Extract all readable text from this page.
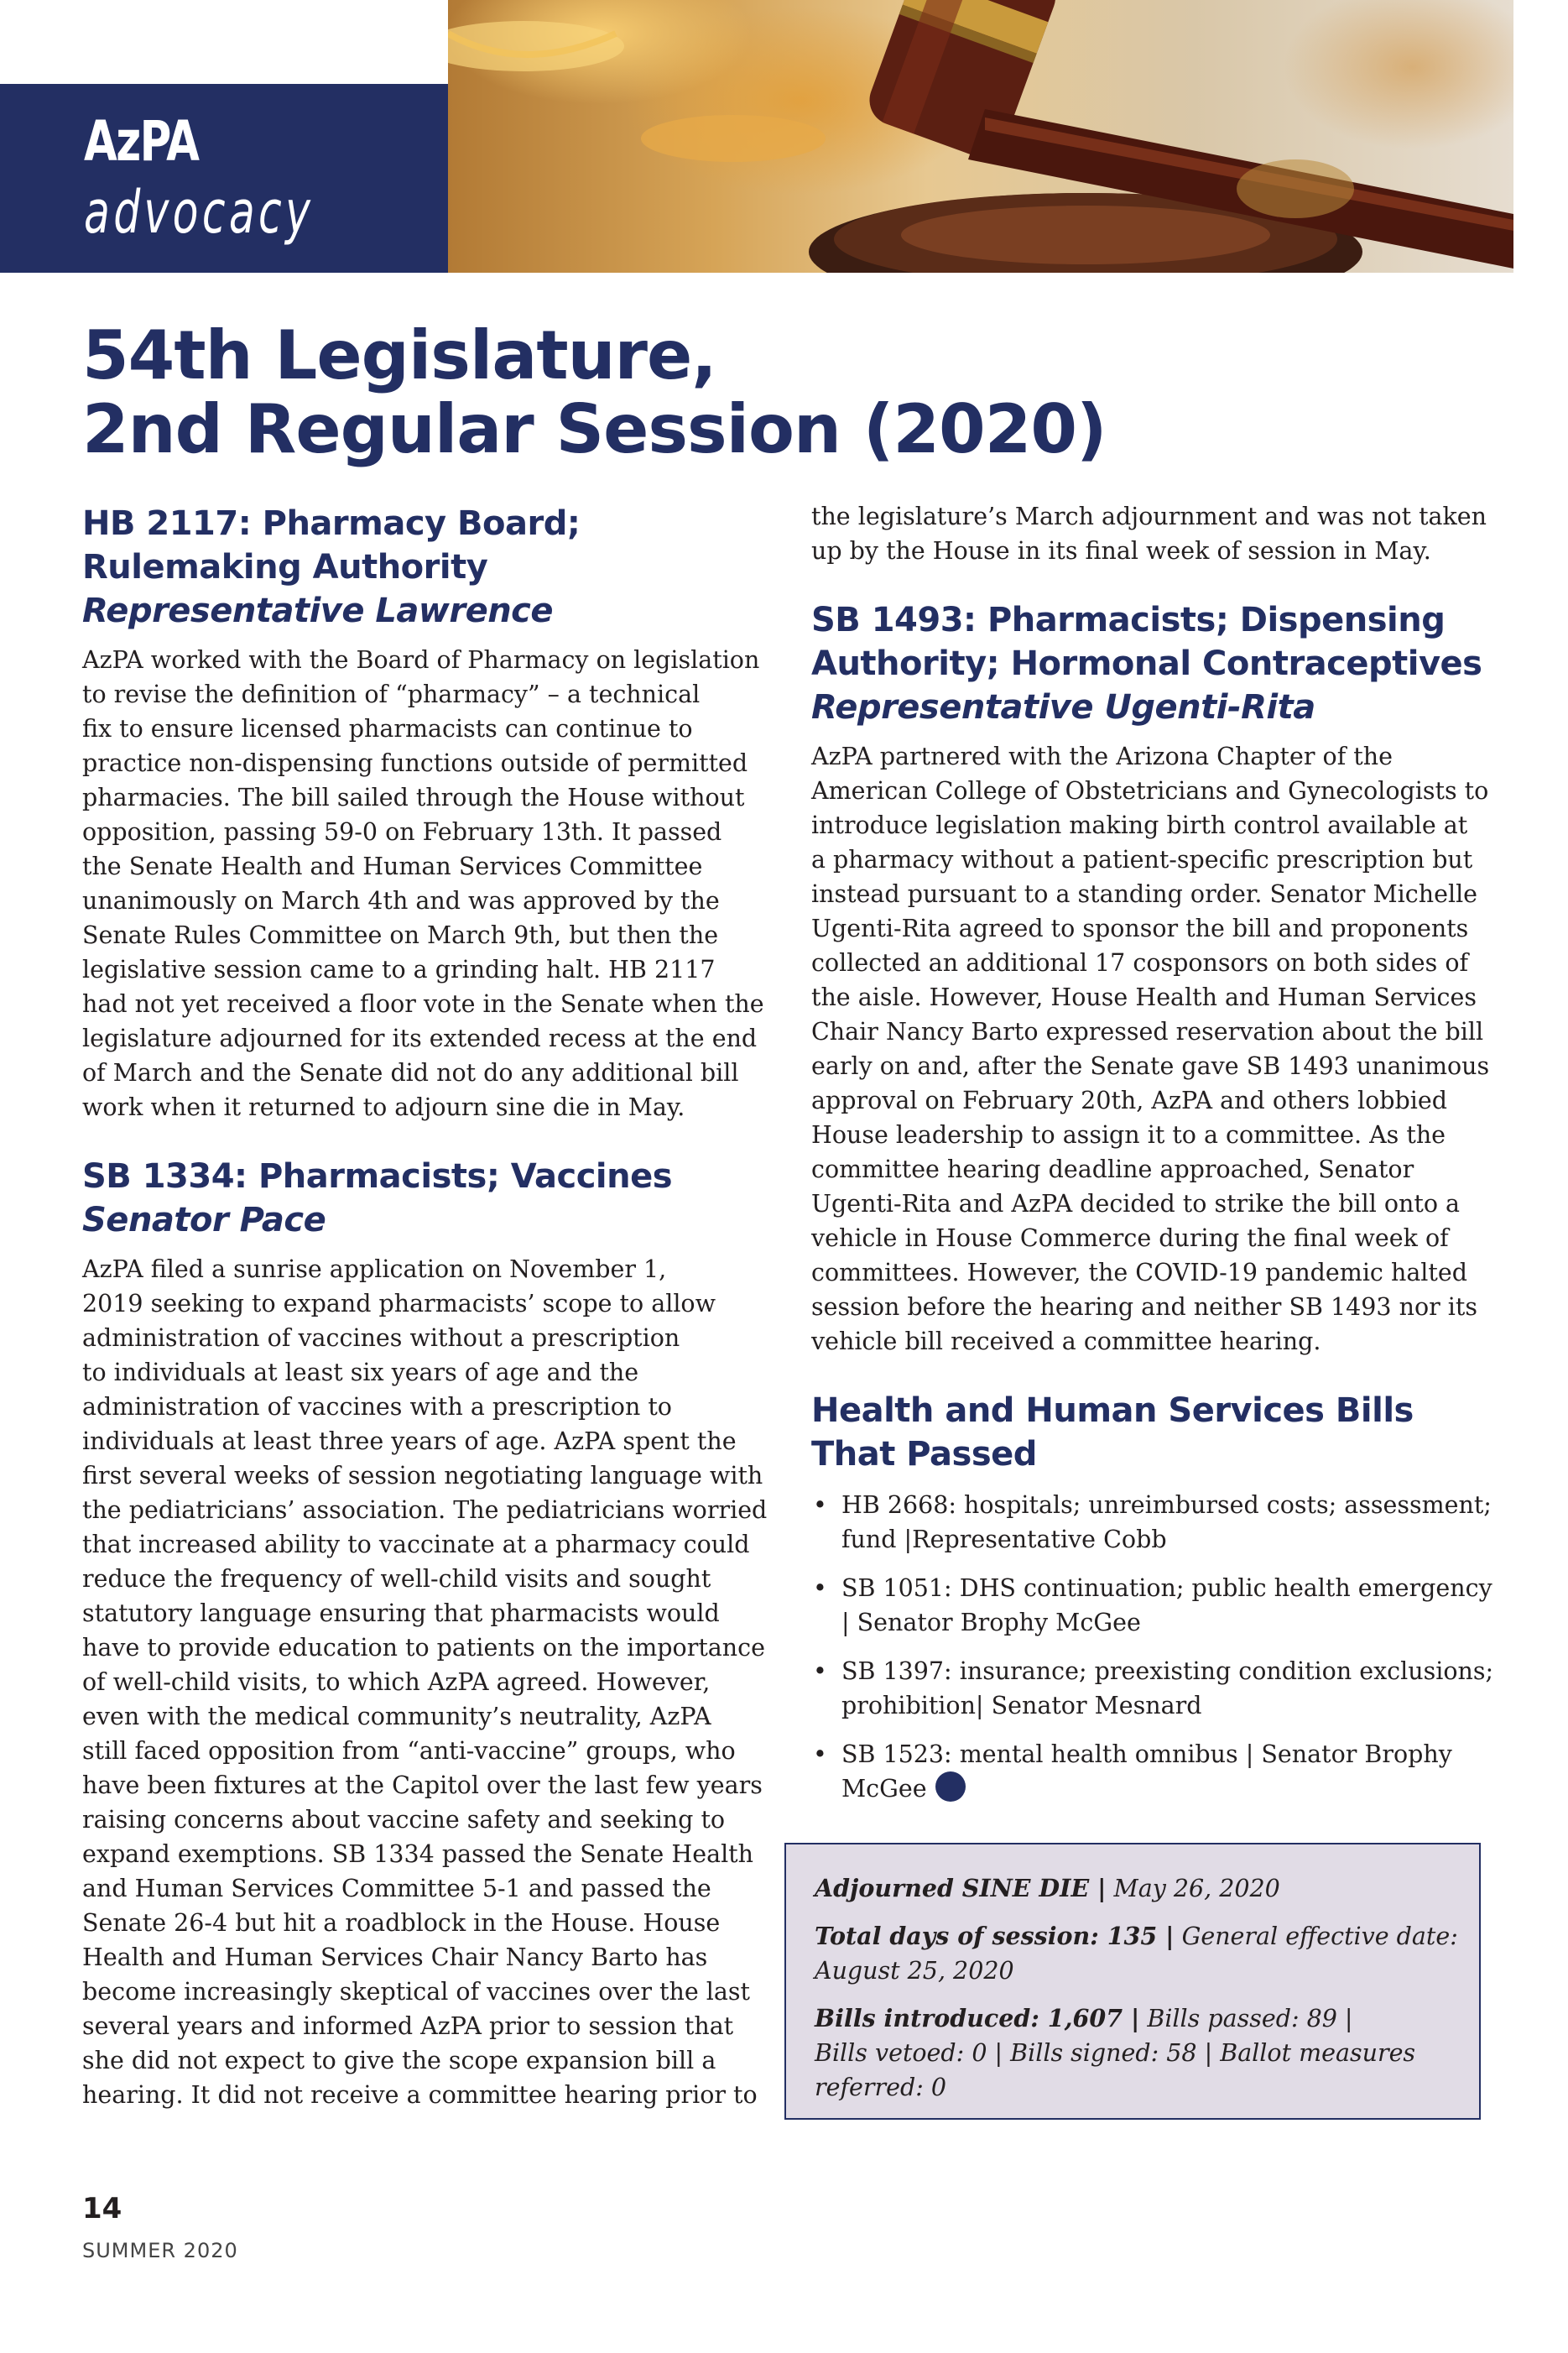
AzPA
advocacy
54th Legislature,
2nd Regular Session (2020)
HB 2117: Pharmacy Board;
Rulemaking Authority
Representative Lawrence

AzPA worked with the Board of Pharmacy on legislation
to revise the definition of “pharmacy” – a technical
fix to ensure licensed pharmacists can continue to
practice non-dispensing functions outside of permitted
pharmacies. The bill sailed through the House without
opposition, passing 59-0 on February 13th. It passed
the Senate Health and Human Services Committee
unanimously on March 4th and was approved by the
Senate Rules Committee on March 9th, but then the
legislative session came to a grinding halt. HB 2117
had not yet received a floor vote in the Senate when the
legislature adjourned for its extended recess at the end
of March and the Senate did not do any additional bill
work when it returned to adjourn sine die in May.

SB 1334: Pharmacists; Vaccines
Senator Pace

AzPA filed a sunrise application on November 1,
2019 seeking to expand pharmacists’ scope to allow
administration of vaccines without a prescription
to individuals at least six years of age and the
administration of vaccines with a prescription to
individuals at least three years of age. AzPA spent the
first several weeks of session negotiating language with
the pediatricians’ association. The pediatricians worried
that increased ability to vaccinate at a pharmacy could
reduce the frequency of well-child visits and sought
statutory language ensuring that pharmacists would
have to provide education to patients on the importance
of well-child visits, to which AzPA agreed. However,
even with the medical community’s neutrality, AzPA
still faced opposition from “anti-vaccine” groups, who
have been fixtures at the Capitol over the last few years
raising concerns about vaccine safety and seeking to
expand exemptions. SB 1334 passed the Senate Health
and Human Services Committee 5-1 and passed the
Senate 26-4 but hit a roadblock in the House. House
Health and Human Services Chair Nancy Barto has
become increasingly skeptical of vaccines over the last
several years and informed AzPA prior to session that
she did not expect to give the scope expansion bill a
hearing. It did not receive a committee hearing prior to

the legislature’s March adjournment and was not taken
up by the House in its final week of session in May.

SB 1493: Pharmacists; Dispensing
Authority; Hormonal Contraceptives
Representative Ugenti-Rita

AzPA partnered with the Arizona Chapter of the
American College of Obstetricians and Gynecologists to
introduce legislation making birth control available at
a pharmacy without a patient-specific prescription but
instead pursuant to a standing order. Senator Michelle
Ugenti-Rita agreed to sponsor the bill and proponents
collected an additional 17 cosponsors on both sides of
the aisle. However, House Health and Human Services
Chair Nancy Barto expressed reservation about the bill
early on and, after the Senate gave SB 1493 unanimous
approval on February 20th, AzPA and others lobbied
House leadership to assign it to a committee. As the
committee hearing deadline approached, Senator
Ugenti-Rita and AzPA decided to strike the bill onto a
vehicle in House Commerce during the final week of
committees. However, the COVID-19 pandemic halted
session before the hearing and neither SB 1493 nor its
vehicle bill received a committee hearing.

Health and Human Services Bills
That Passed
• HB 2668: hospitals; unreimbursed costs; assessment;
fund |Representative Cobb
• SB 1051: DHS continuation; public health emergency
| Senator Brophy McGee
• SB 1397: insurance; preexisting condition exclusions;
prohibition| Senator Mesnard
• SB 1523: mental health omnibus | Senator Brophy
McGee

Adjourned SINE DIE | May 26, 2020

Total days of session: 135 | General effective date:
August 25, 2020

Bills introduced: 1,607 | Bills passed: 89 |
Bills vetoed: 0 | Bills signed: 58 | Ballot measures
referred: 0

14
SUMMER 2020
